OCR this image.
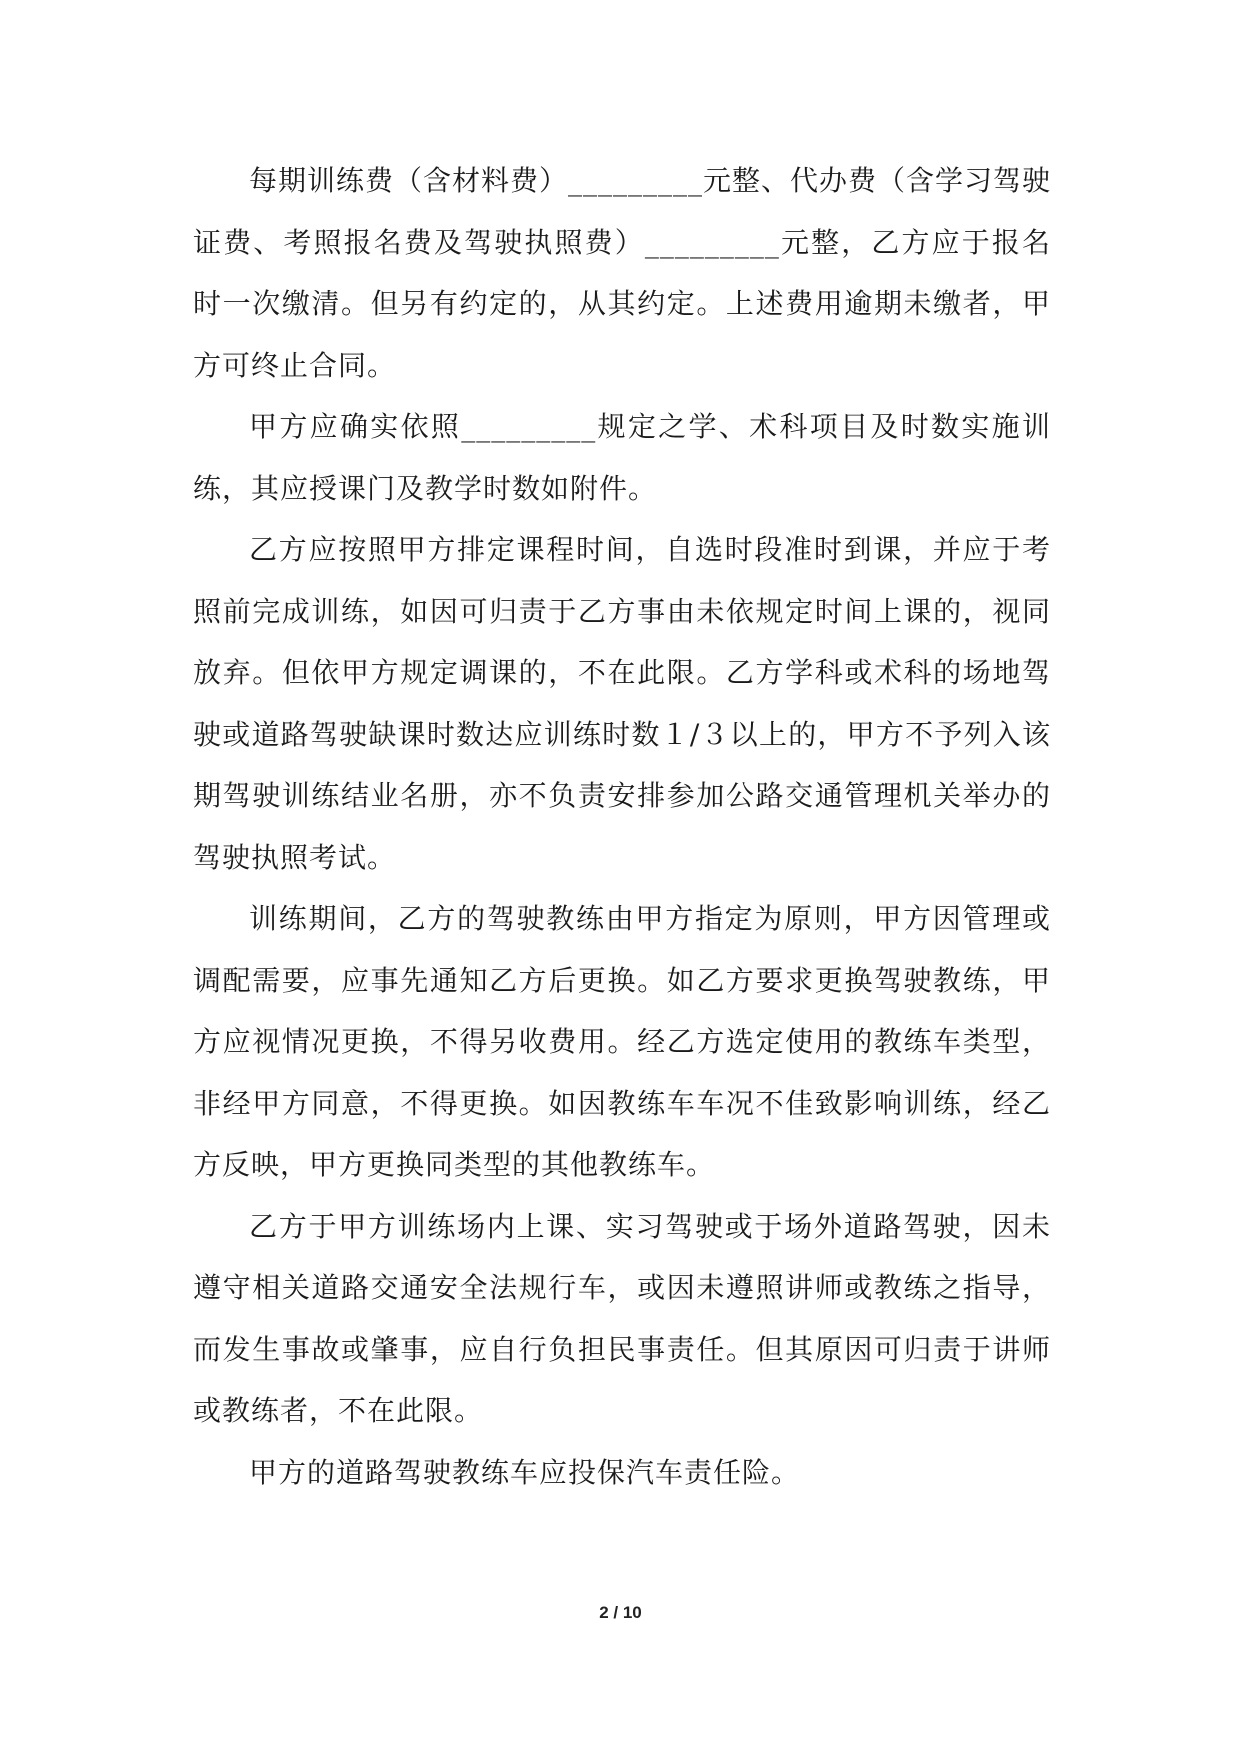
每期训练费（含材料费）_________元整、代办费（含学习驾驶证费、考照报名费及驾驶执照费）_________元整，乙方应于报名时一次缴清。但另有约定的，从其约定。上述费用逾期未缴者，甲方可终止合同。

甲方应确实依照_________规定之学、术科项目及时数实施训练，其应授课门及教学时数如附件。

乙方应按照甲方排定课程时间，自选时段准时到课，并应于考照前完成训练，如因可归责于乙方事由未依规定时间上课的，视同放弃。但依甲方规定调课的，不在此限。乙方学科或术科的场地驾驶或道路驾驶缺课时数达应训练时数１/３以上的，甲方不予列入该期驾驶训练结业名册，亦不负责安排参加公路交通管理机关举办的驾驶执照考试。

训练期间，乙方的驾驶教练由甲方指定为原则，甲方因管理或调配需要，应事先通知乙方后更换。如乙方要求更换驾驶教练，甲方应视情况更换，不得另收费用。经乙方选定使用的教练车类型，非经甲方同意，不得更换。如因教练车车况不佳致影响训练，经乙方反映，甲方更换同类型的其他教练车。

乙方于甲方训练场内上课、实习驾驶或于场外道路驾驶，因未遵守相关道路交通安全法规行车，或因未遵照讲师或教练之指导，而发生事故或肇事，应自行负担民事责任。但其原因可归责于讲师或教练者，不在此限。

甲方的道路驾驶教练车应投保汽车责任险。

2 / 10
